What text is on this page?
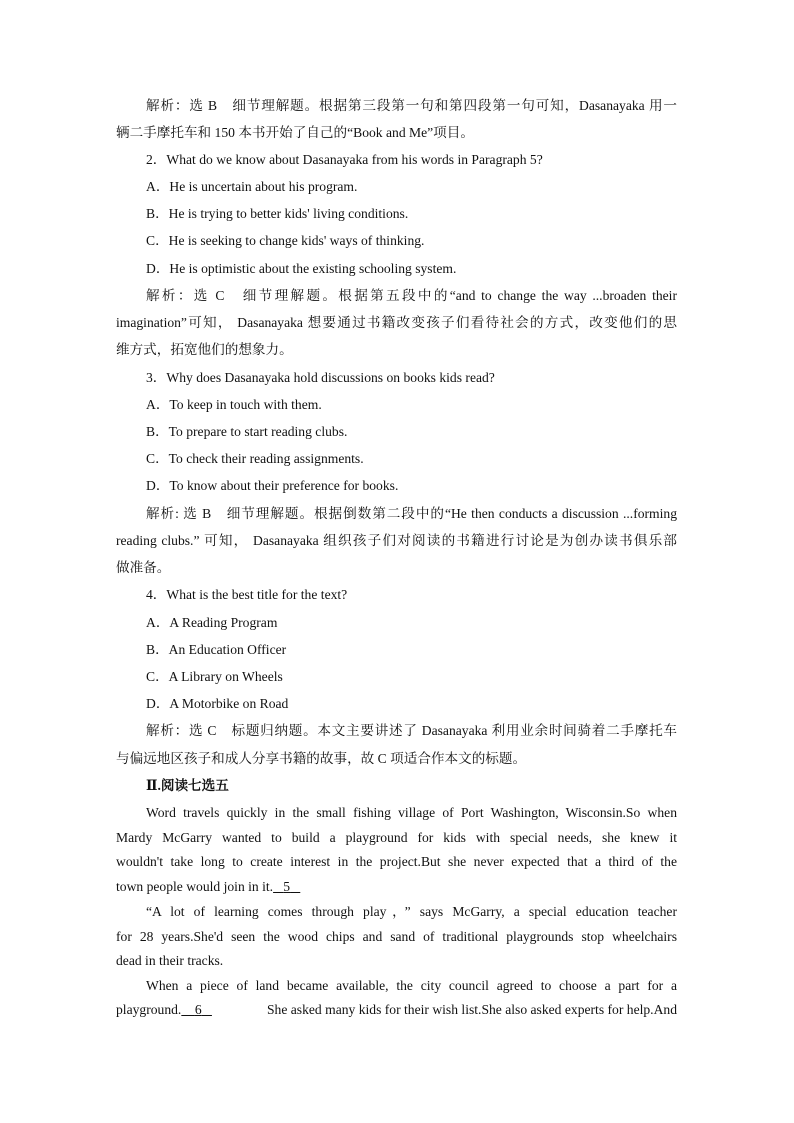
解析：选 B　细节理解题。根据第三段第一句和第四段第一句可知，Dasanayaka 用一
辆二手摩托车和 150 本书开始了自己的“Book and Me”项目。
2．What do we know about Dasanayaka from his words in Paragraph 5?
A．He is uncertain about his program.
B．He is trying to better kids' living conditions.
C．He is seeking to change kids' ways of thinking.
D．He is optimistic about the existing schooling system.
解析：选 C　细节理解题。根据第五段中的“and to change the way ...broaden their
imagination”可知， Dasanayaka 想要通过书籍改变孩子们看待社会的方式，改变他们的思
维方式，拓宽他们的想象力。
3．Why does Dasanayaka hold discussions on books kids read?
A．To keep in touch with them.
B．To prepare to start reading clubs.
C．To check their reading assignments.
D．To know about their preference for books.
解析: 选 B　细节理解题。根据倒数第二段中的“He then conducts a discussion ...forming
reading clubs.” 可知， Dasanayaka 组织孩子们对阅读的书籍进行讨论是为创办读书俱乐部
做准备。
4．What is the best title for the text?
A．A Reading Program
B．An Education Officer
C．A Library on Wheels
D．A Motorbike on Road
解析：选 C　标题归纳题。本文主要讲述了 Dasanayaka 利用业余时间骑着二手摩托车
与偏远地区孩子和成人分享书籍的故事，故 C 项适合作本文的标题。
Ⅱ.阅读七选五
Word travels quickly in the small fishing village of Port Washington, Wisconsin.So when
Mardy McGarry wanted to build a playground for kids with special needs, she knew it
wouldn't take long to create interest in the project.But she never expected that a third of the
town people would join in it. 5
“A lot of learning comes through play，” says McGarry, a special education teacher
for 28 years.She'd seen the wood chips and sand of traditional playgrounds stop wheelchairs
dead in their tracks.
When a piece of land became available, the city council agreed to choose a part for a
playground. 6	She asked many kids for their wish list.She also asked experts for help.And
